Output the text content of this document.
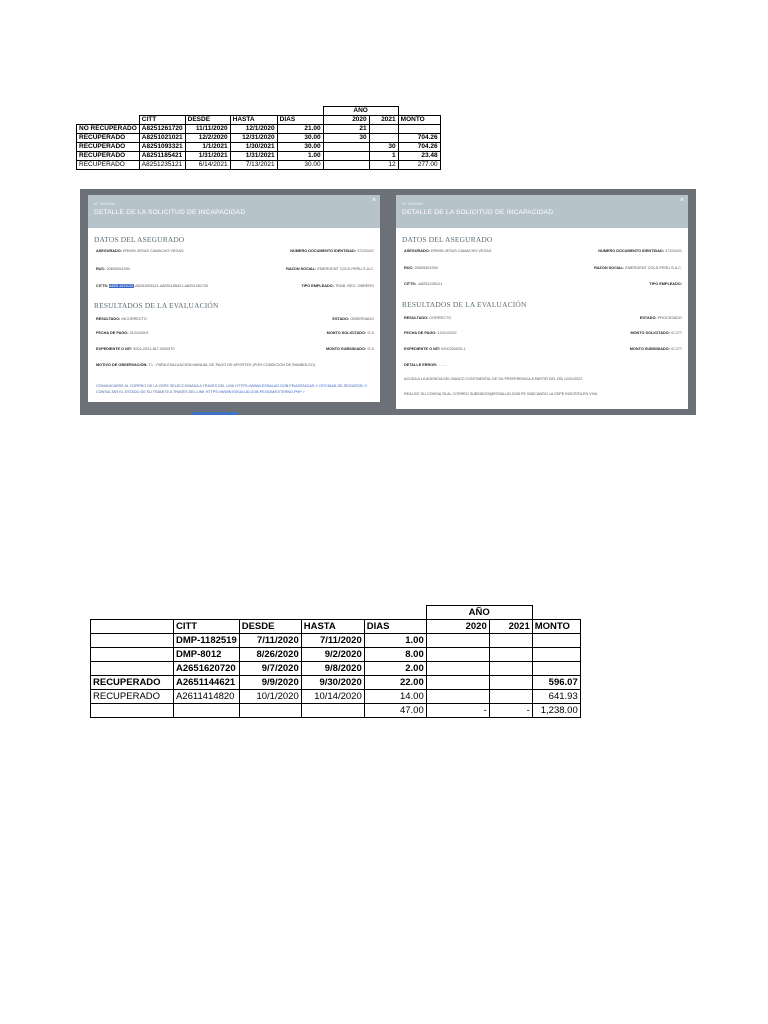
					AÑO		
	CITT	DESDE	HASTA	DIAS	2020	2021	MONTO
NO RECUPERADO	A8251261720	11/11/2020	12/1/2020	21.00	21		
RECUPERADO	A8251021021	12/2/2020	12/31/2020	30.00	30		704.26
RECUPERADO	A8251093321	1/1/2021	1/30/2021	30.00		30	704.26
RECUPERADO	A8251185421	1/31/2021	1/31/2021	1.00		1	23.48
RECUPERADO	A8251235121	6/14/2021	7/13/2021	30.00		12	277.00
N° 0000000
DETALLE DE LA SOLICITUD DE INCAPACIDAD
×
DATOS DEL ASEGURADO
ASEGURADO: ERWIN JESUS CAMACHO VEGAS	NUMERO DOCUMENTO IDENTIDAD: 47225421
RUC: 20605261994	RAZON SOCIAL: EMERGENT COLD PERU S.A.C.
CITTS: A825 1021021-A8251093321-A8251185421-A8251261720	TIPO EMPLEADO: TRAB. REG. OBRERO
RESULTADOS DE LA EVALUACIÓN
RESULTADO: INCORRECTO	ESTADO: OBSERVADO
FECHA DE PAGO: 01/01/0001	MONTO SOLICITADO: S/.0
EXPEDIENTE O NIT: 9002-2021-NIT-0000370	MONTO SUBSIDIADO: S/.0
MOTIVO DE OBSERVACIÓN: T1 - PARA EVALUACION MANUAL DE PAGO DE APORTES (POR CONDICION DE RAMBOLSO)
COMUNICARSE AL CORREO DE LA OSPE SELECCIONADA A TRAVÉS DEL LINK HTTPS://WWW.ESSALUD.GOB.PE/AGENCIAS-Y-OFICINAS-DE-SEGUROS/ O CONSULTAR EL ESTADO DE SU TRÁMITE A TRAVÉS DEL LINK HTTPS://WWW.ESSALUD.GOB.PE/GDM/EXTERNO.PHP >
N° 0000000
DETALLE DE LA SOLICITUD DE INCAPACIDAD
×
DATOS DEL ASEGURADO
ASEGURADO: ERWIN JESUS CAMACHO VEGAS	NUMERO DOCUMENTO IDENTIDAD: 47225421
RUC: 20605261994	RAZON SOCIAL: EMERGENT COLD PERU S.A.C.
CITTS: -A8251235121	TIPO EMPLEADO:
RESULTADOS DE LA EVALUACIÓN
RESULTADO: CORRECTO	ESTADO: PROCESADO
FECHA DE PAGO: 12/01/2022	MONTO SOLICITADO: S/.277
EXPEDIENTE O NIT: 9200200025-1	MONTO SUBSIDIADO: S/.277
DETALLE ERROR: - - - -
ACUDA A LA AGENCIA DEL BANCO CONTINENTAL DE SU PREFERENCIA A PARTIR DEL DÍA 12/01/2022.
REALICE SU CONSULTA AL CORREO SUBSIDIOS@ESSALUD.GOB.PE INDICANDO LA OSPE INSCRITA EN VIVA
					AÑO		
	CITT	DESDE	HASTA	DIAS	2020	2021	MONTO
	DMP-1182519	7/11/2020	7/11/2020	1.00			
	DMP-8012	8/26/2020	9/2/2020	8.00			
	A2651620720	9/7/2020	9/8/2020	2.00			
RECUPERADO	A2651144621	9/9/2020	9/30/2020	22.00			596.07
RECUPERADO	A2611414820	10/1/2020	10/14/2020	14.00			641.93
				47.00	-	-	1,238.00
